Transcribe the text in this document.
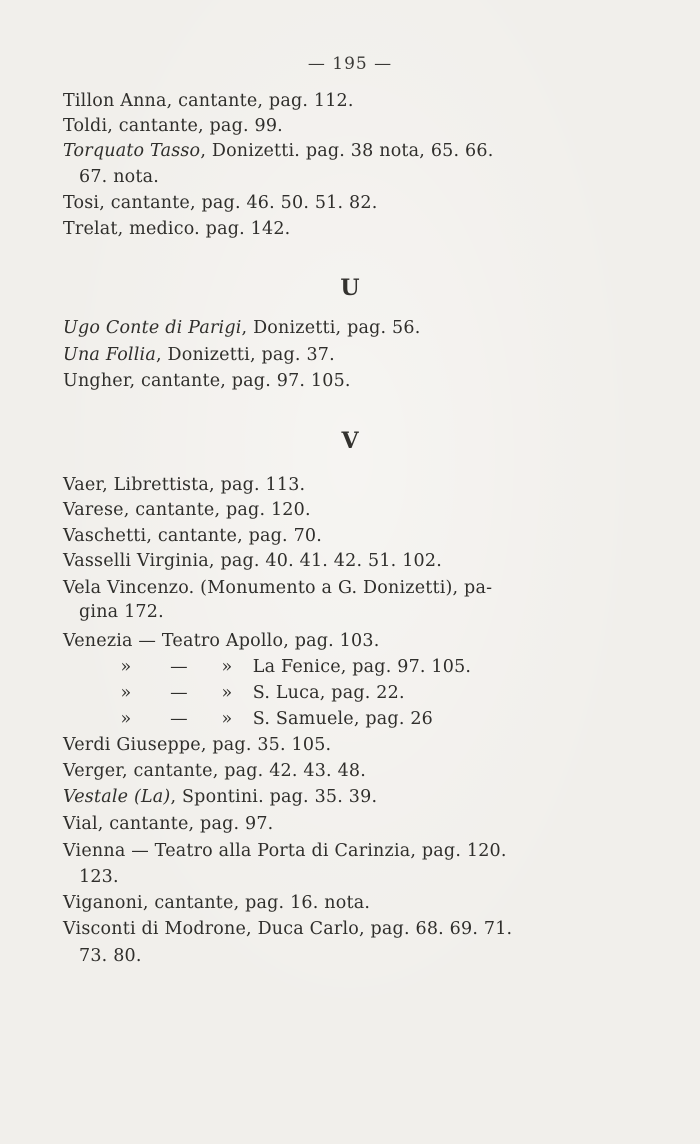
— 195 —
Tillon Anna, cantante, pag. 112.
Toldi, cantante, pag. 99.
Torquato Tasso, Donizetti. pag. 38 nota, 65. 66.
67. nota.
Tosi, cantante, pag. 46. 50. 51. 82.
Trelat, medico. pag. 142.
U
Ugo Conte di Parigi, Donizetti, pag. 56.
Una Follia, Donizetti, pag. 37.
Ungher, cantante, pag. 97. 105.
V
Vaer, Librettista, pag. 113.
Varese, cantante, pag. 120.
Vaschetti, cantante, pag. 70.
Vasselli Virginia, pag. 40. 41. 42. 51. 102.
Vela Vincenzo. (Monumento a G. Donizetti), pa-
gina 172.
Venezia — Teatro Apollo, pag. 103.
» — » La Fenice, pag. 97. 105.
» — » S. Luca, pag. 22.
» — » S. Samuele, pag. 26
Verdi Giuseppe, pag. 35. 105.
Verger, cantante, pag. 42. 43. 48.
Vestale (La), Spontini. pag. 35. 39.
Vial, cantante, pag. 97.
Vienna — Teatro alla Porta di Carinzia, pag. 120.
123.
Viganoni, cantante, pag. 16. nota.
Visconti di Modrone, Duca Carlo, pag. 68. 69. 71.
73. 80.
